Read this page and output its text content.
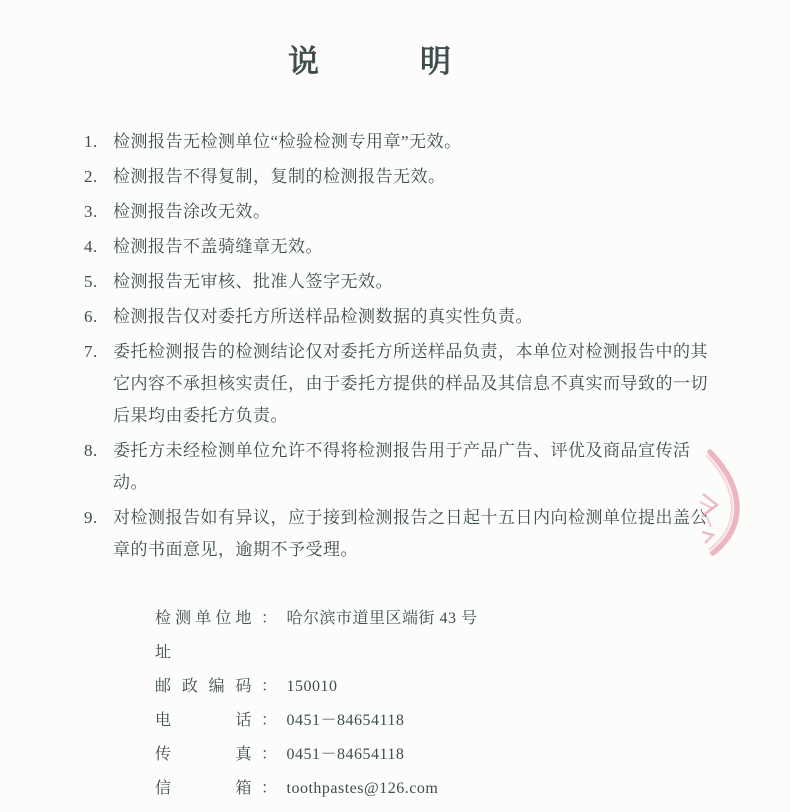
说　　　明
1. 检测报告无检测单位“检验检测专用章”无效。
2. 检测报告不得复制，复制的检测报告无效。
3. 检测报告涂改无效。
4. 检测报告不盖骑缝章无效。
5. 检测报告无审核、批准人签字无效。
6. 检测报告仅对委托方所送样品检测数据的真实性负责。
7. 委托检测报告的检测结论仅对委托方所送样品负责，本单位对检测报告中的其它内容不承担核实责任，由于委托方提供的样品及其信息不真实而导致的一切后果均由委托方负责。
8. 委托方未经检测单位允许不得将检测报告用于产品广告、评优及商品宣传活动。
9. 对检测报告如有异议，应于接到检测报告之日起十五日内向检测单位提出盖公章的书面意见，逾期不予受理。
检测单位地址
： 哈尔滨市道里区端街 43 号
邮政编码 ： 150010
电话 ： 0451－84654118
传真 ： 0451－84654118
信箱 ： toothpastes@126.com
